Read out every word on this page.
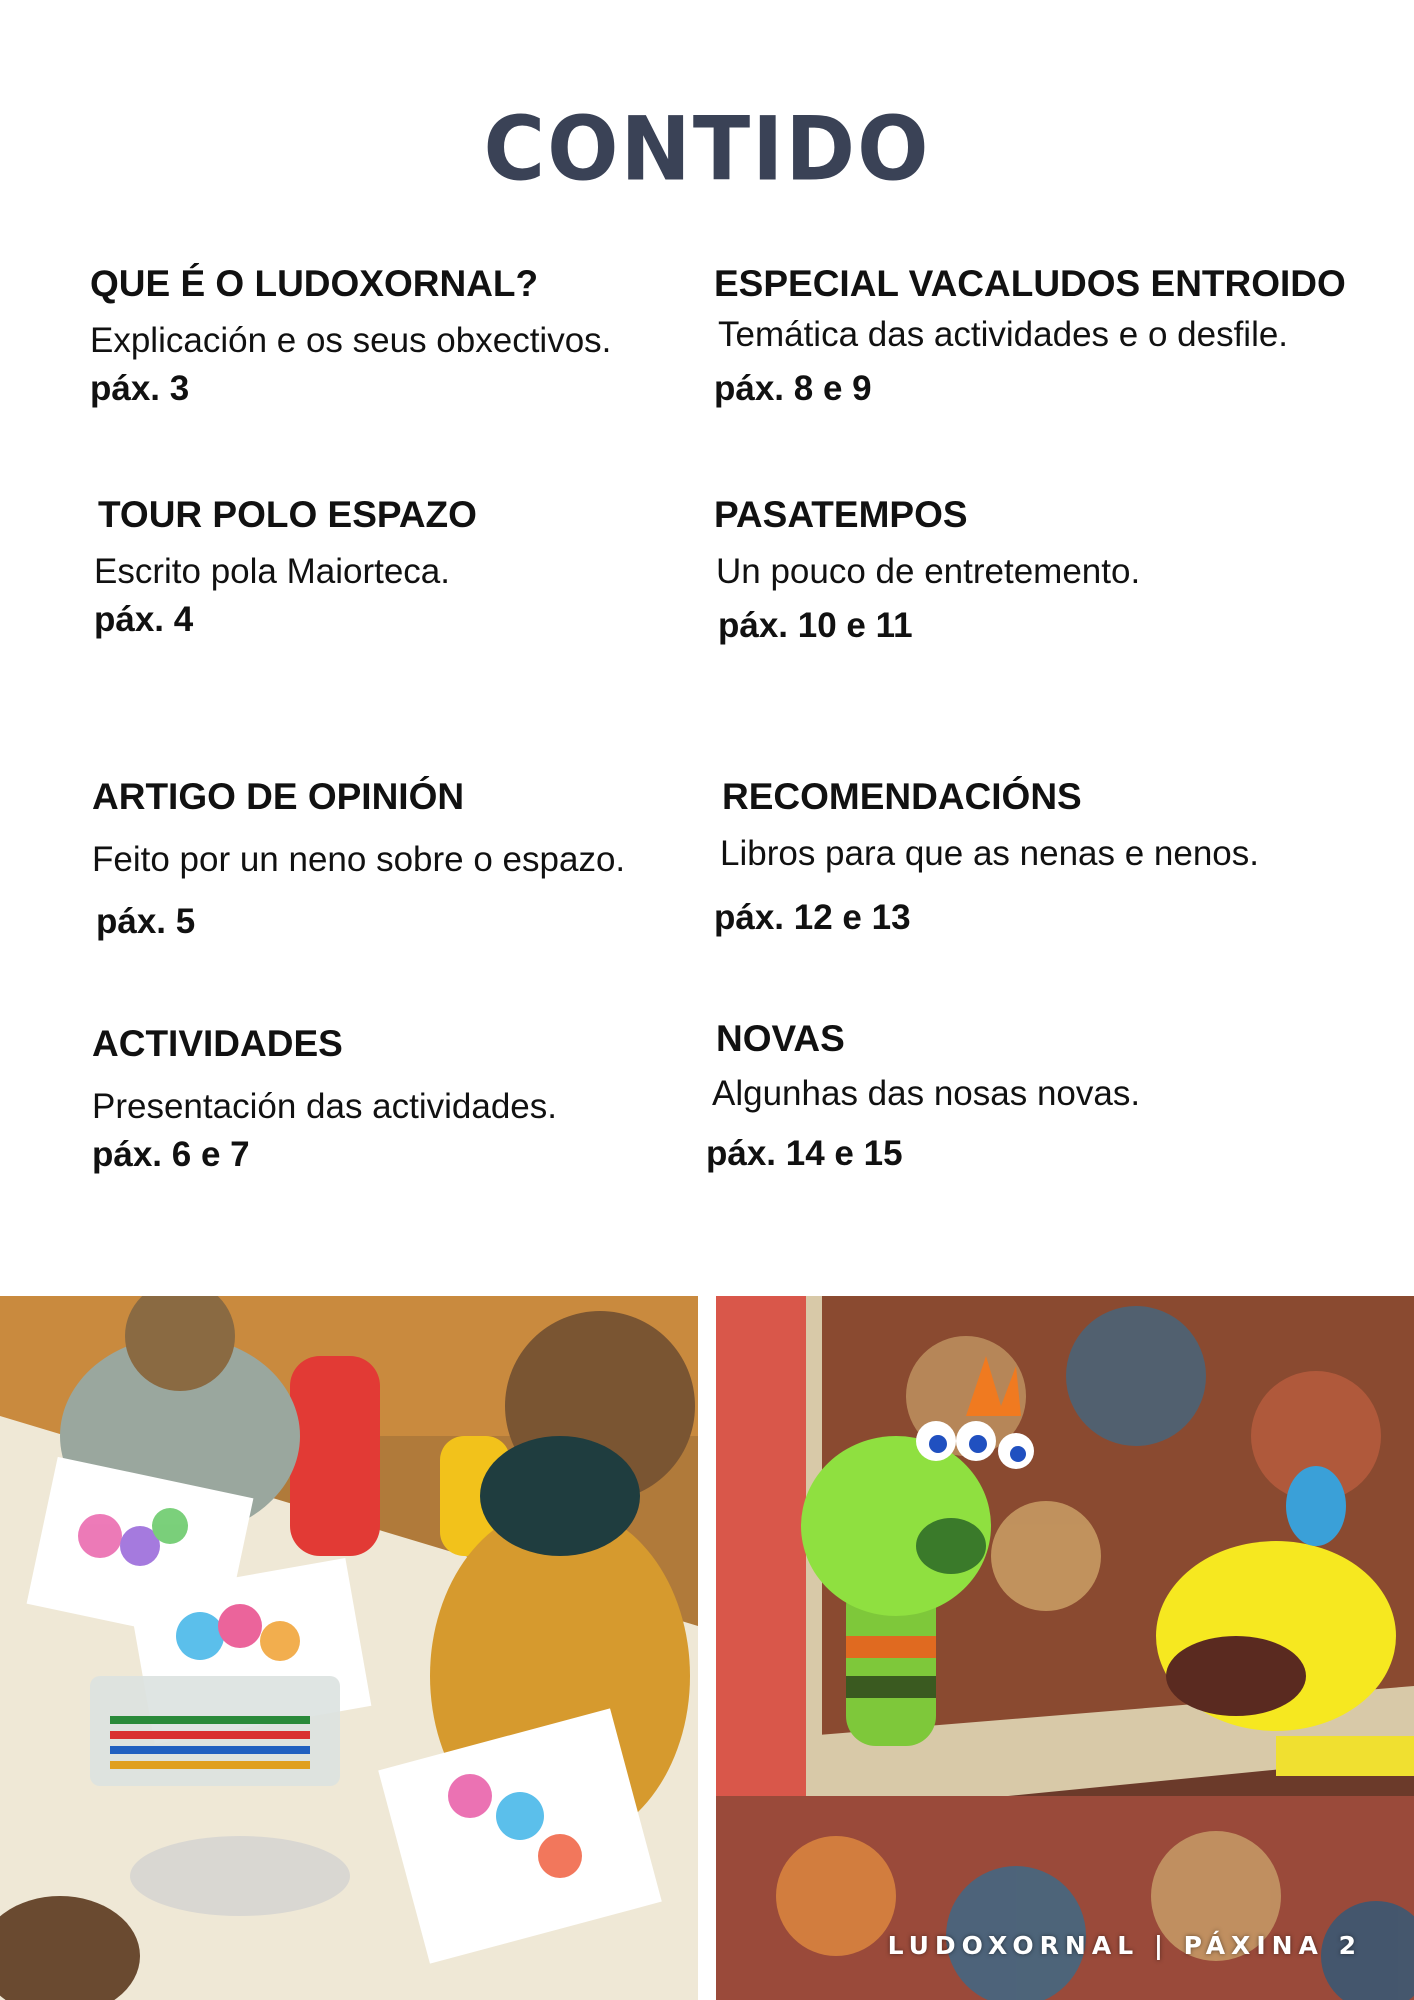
CONTIDO
QUE É O LUDOXORNAL?
Explicación e os seus obxectivos.
páx. 3
ESPECIAL VACALUDOS ENTROIDO
Temática das actividades e o desfile.
páx. 8 e 9
TOUR POLO ESPAZO
Escrito pola Maiorteca.
páx. 4
PASATEMPOS
Un pouco de entretemento.
páx. 10 e 11
ARTIGO DE OPINIÓN
Feito por un neno sobre o espazo.
páx. 5
RECOMENDACIÓNS
Libros para que as nenas e nenos.
páx. 12 e 13
ACTIVIDADES
Presentación das actividades.
páx. 6 e 7
NOVAS
Algunhas das nosas novas.
páx. 14 e 15
LUDOXORNAL | PÁXINA 2
